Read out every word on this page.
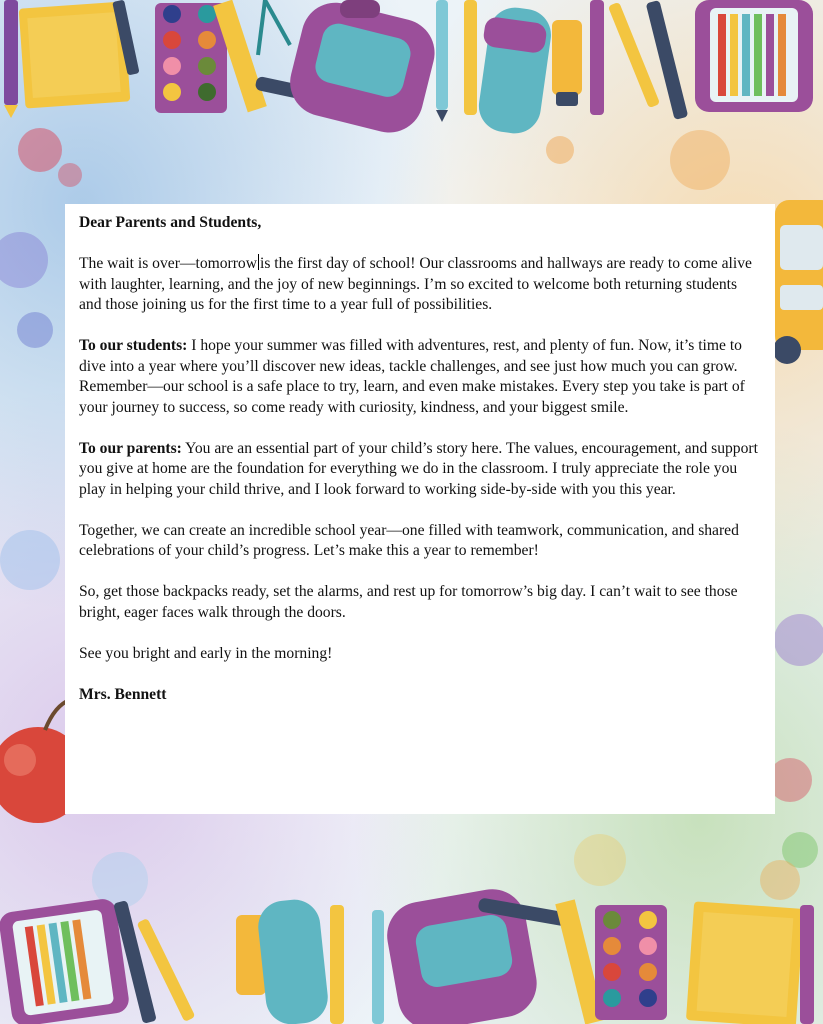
Dear Parents and Students,

The wait is over—tomorrow is the first day of school! Our classrooms and hallways are ready to come alive with laughter, learning, and the joy of new beginnings. I’m so excited to welcome both returning students and those joining us for the first time to a year full of possibilities.

To our students: I hope your summer was filled with adventures, rest, and plenty of fun. Now, it’s time to dive into a year where you’ll discover new ideas, tackle challenges, and see just how much you can grow. Remember—our school is a safe place to try, learn, and even make mistakes. Every step you take is part of your journey to success, so come ready with curiosity, kindness, and your biggest smile.

To our parents: You are an essential part of your child’s story here. The values, encouragement, and support you give at home are the foundation for everything we do in the classroom. I truly appreciate the role you play in helping your child thrive, and I look forward to working side-by-side with you this year.

Together, we can create an incredible school year—one filled with teamwork, communication, and shared celebrations of your child’s progress. Let’s make this a year to remember!

So, get those backpacks ready, set the alarms, and rest up for tomorrow’s big day. I can’t wait to see those bright, eager faces walk through the doors.

See you bright and early in the morning!

Mrs. Bennett
